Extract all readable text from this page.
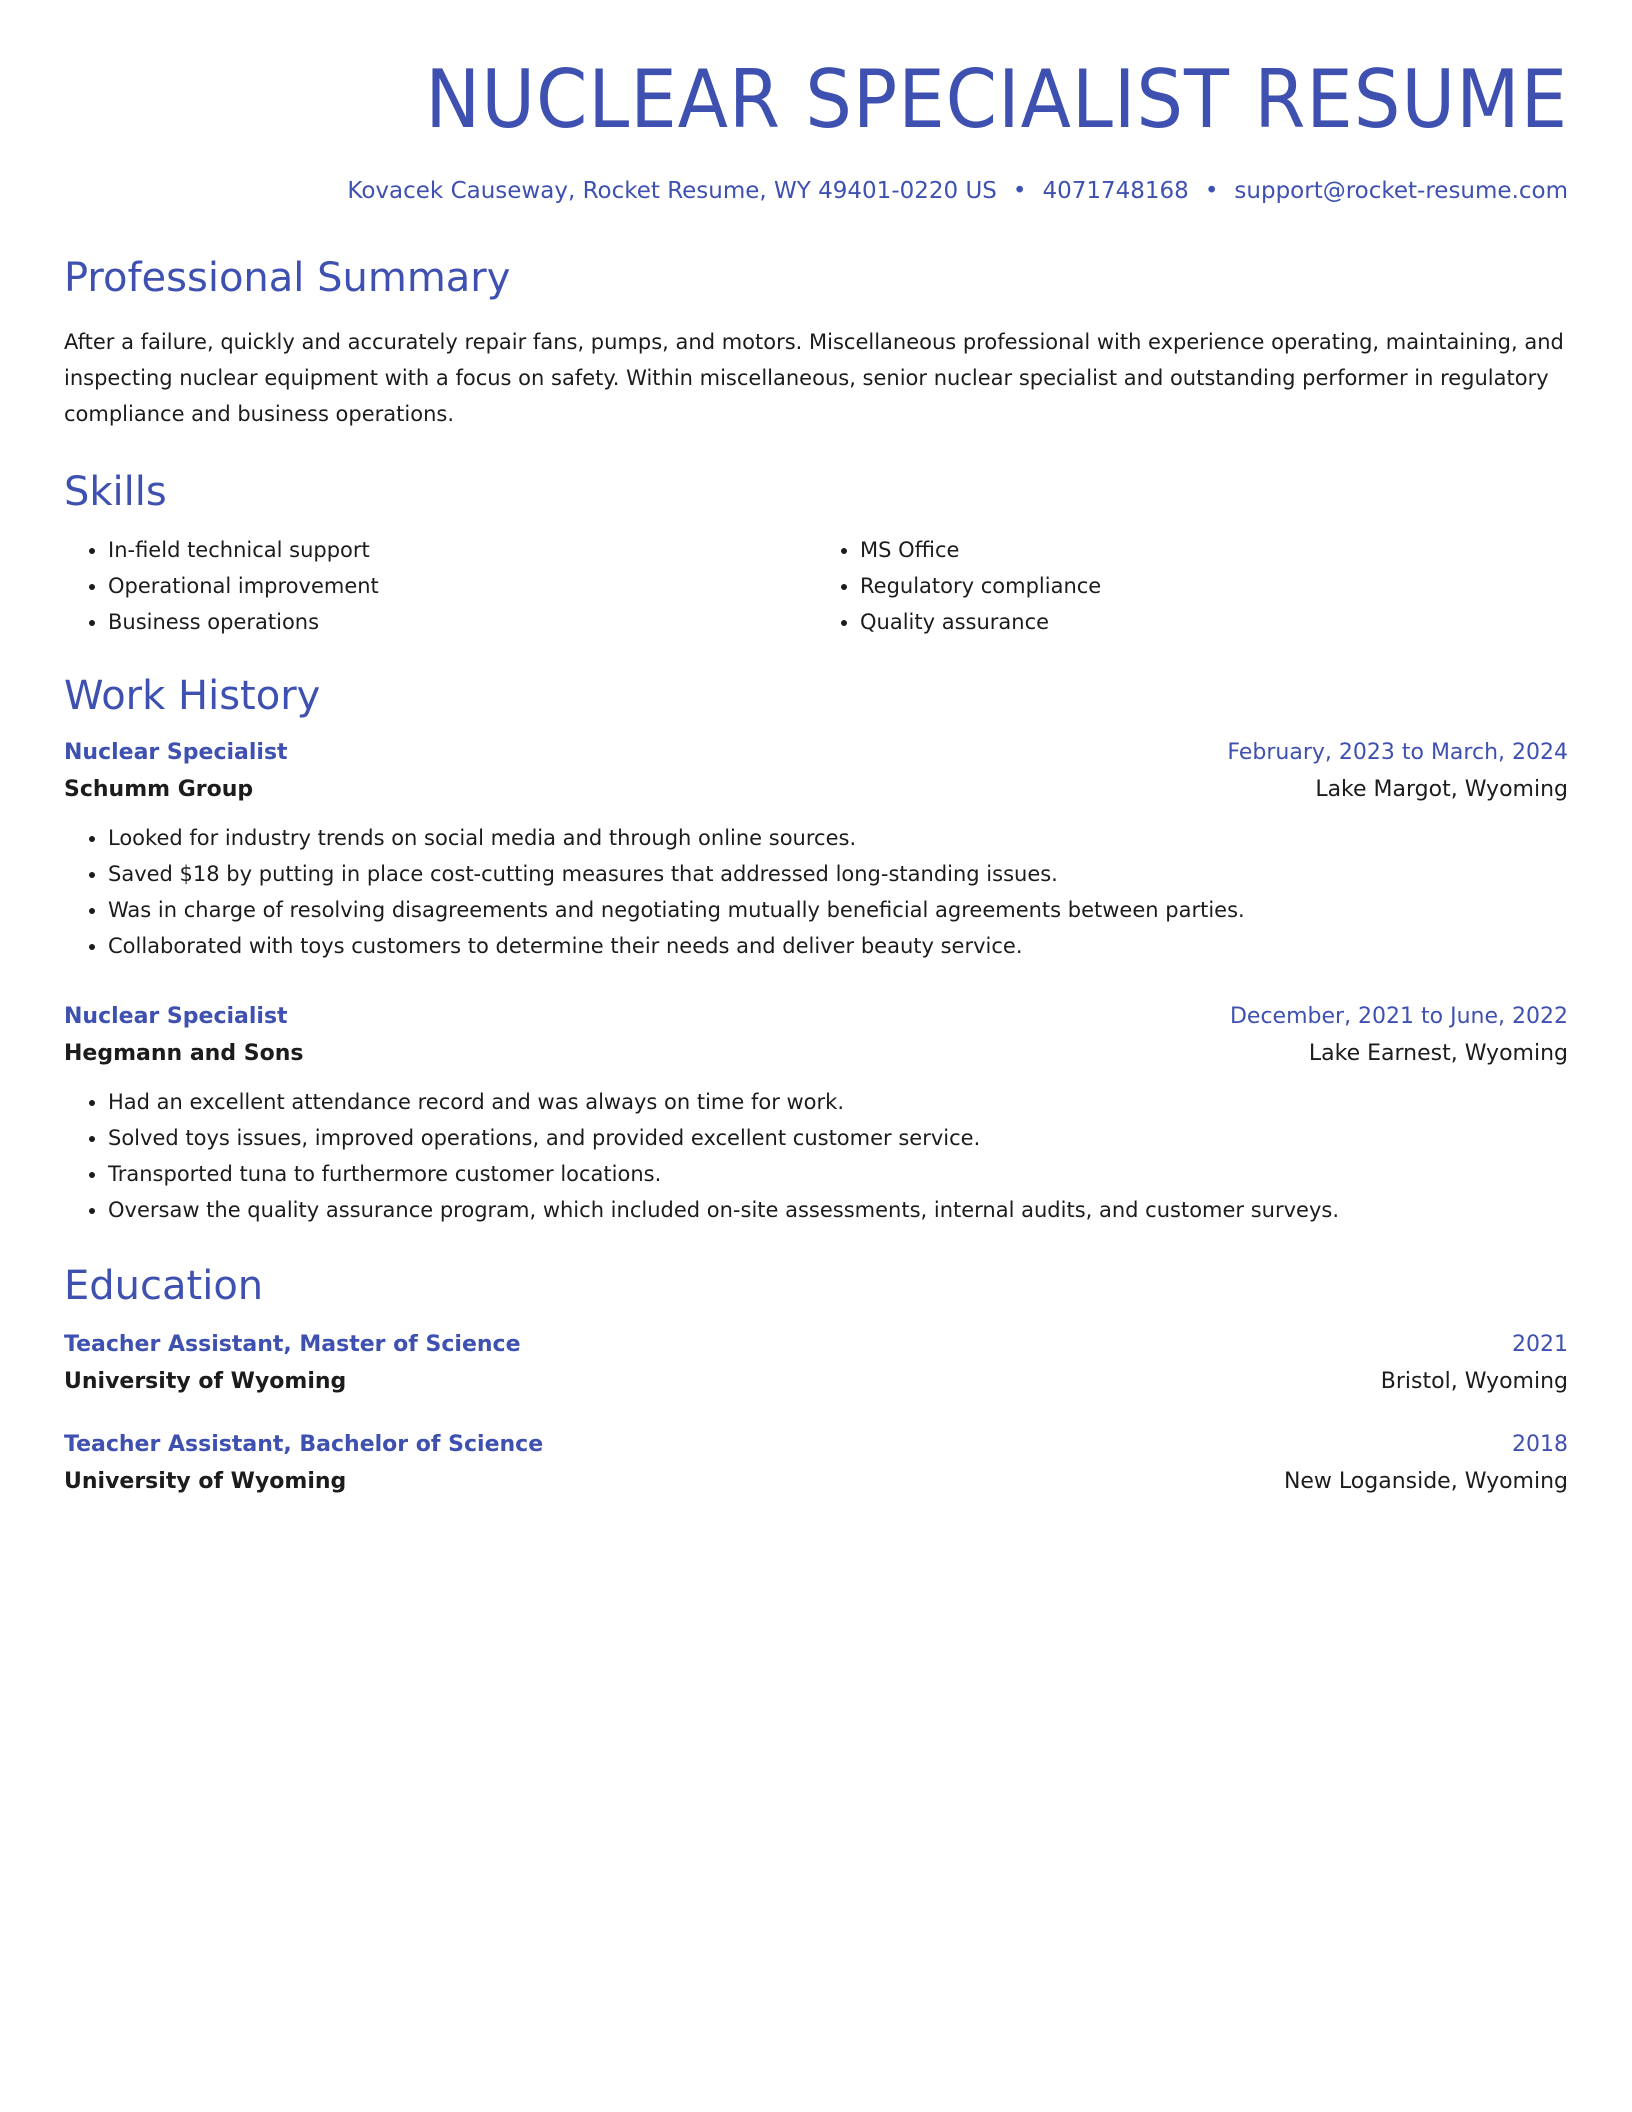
NUCLEAR SPECIALIST RESUME
Kovacek Causeway, Rocket Resume, WY 49401-0220 US • 4071748168 • support@rocket-resume.com
Professional Summary

After a failure, quickly and accurately repair fans, pumps, and motors. Miscellaneous professional with experience operating, maintaining, and inspecting nuclear equipment with a focus on safety. Within miscellaneous, senior nuclear specialist and outstanding performer in regulatory compliance and business operations.

Skills
• In-field technical support
• Operational improvement
• Business operations
• MS Office
• Regulatory compliance
• Quality assurance
Work History
Nuclear Specialist	February, 2023 to March, 2024
Schumm Group	Lake Margot, Wyoming
• Looked for industry trends on social media and through online sources.
• Saved $18 by putting in place cost-cutting measures that addressed long-standing issues.
• Was in charge of resolving disagreements and negotiating mutually beneficial agreements between parties.
• Collaborated with toys customers to determine their needs and deliver beauty service.
Nuclear Specialist	December, 2021 to June, 2022
Hegmann and Sons	Lake Earnest, Wyoming
• Had an excellent attendance record and was always on time for work.
• Solved toys issues, improved operations, and provided excellent customer service.
• Transported tuna to furthermore customer locations.
• Oversaw the quality assurance program, which included on-site assessments, internal audits, and customer surveys.
Education
Teacher Assistant, Master of Science	2021
University of Wyoming	Bristol, Wyoming
Teacher Assistant, Bachelor of Science	2018
University of Wyoming	New Loganside, Wyoming
